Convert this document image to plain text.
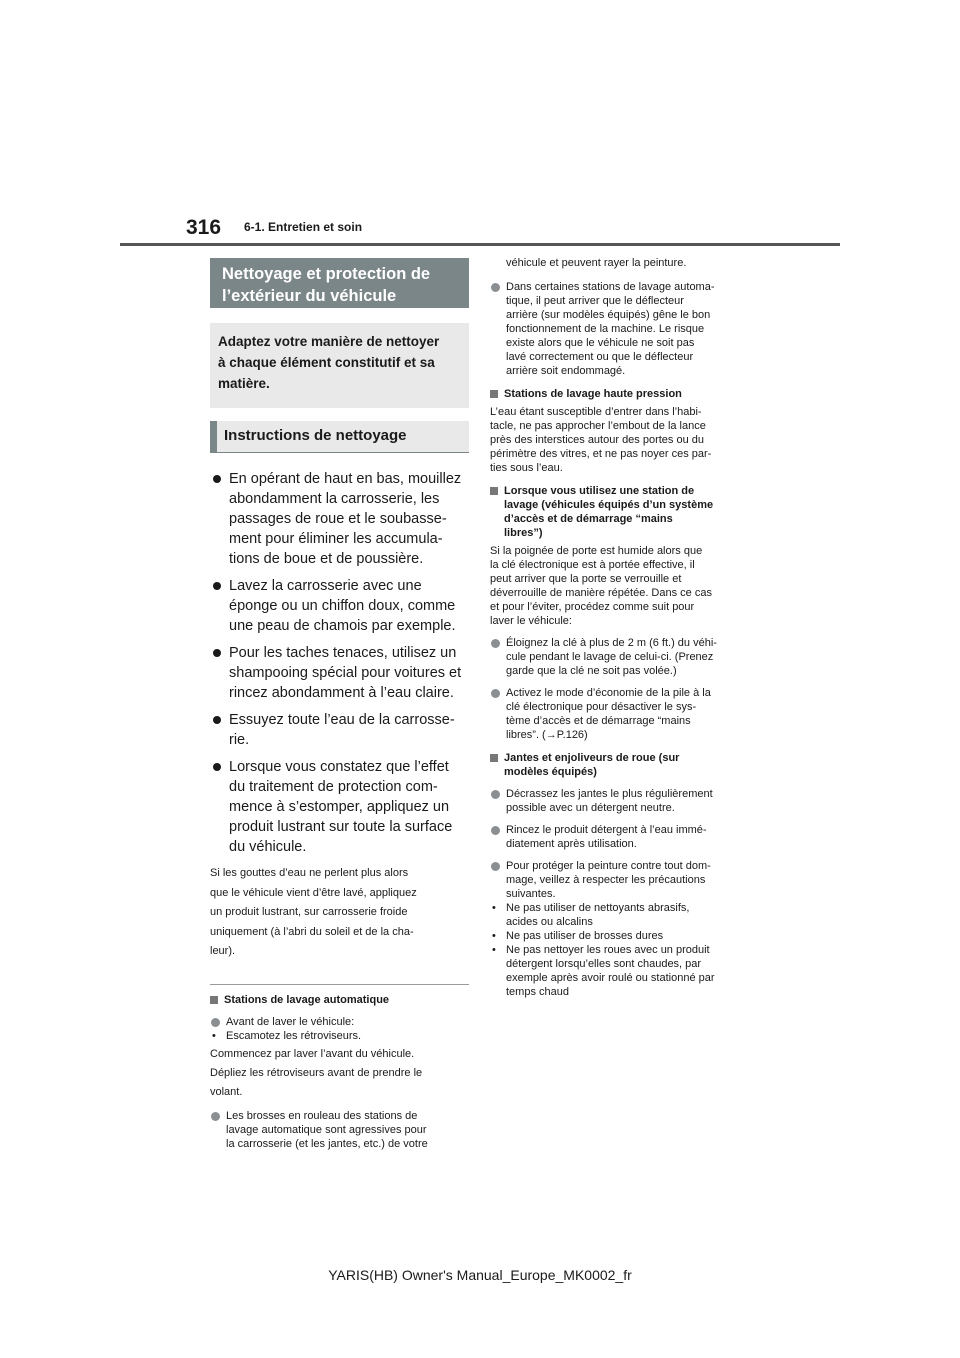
316 6-1. Entretien et soin
Nettoyage et protection de
l’extérieur du véhicule
Adaptez votre manière de nettoyer
à chaque élément constitutif et sa
matière.
Instructions de nettoyage
En opérant de haut en bas, mouillez
abondamment la carrosserie, les
passages de roue et le soubasse-
ment pour éliminer les accumula-
tions de boue et de poussière.
Lavez la carrosserie avec une
éponge ou un chiffon doux, comme
une peau de chamois par exemple.
Pour les taches tenaces, utilisez un
shampooing spécial pour voitures et
rincez abondamment à l’eau claire.
Essuyez toute l’eau de la carrosse-
rie.
Lorsque vous constatez que l’effet
du traitement de protection com-
mence à s’estomper, appliquez un
produit lustrant sur toute la surface
du véhicule.
Si les gouttes d’eau ne perlent plus alors
que le véhicule vient d’être lavé, appliquez
un produit lustrant, sur carrosserie froide
uniquement (à l’abri du soleil et de la cha-
leur).
Stations de lavage automatique
Avant de laver le véhicule:
• Escamotez les rétroviseurs.
Commencez par laver l’avant du véhicule.
Dépliez les rétroviseurs avant de prendre le
volant.
Les brosses en rouleau des stations de
lavage automatique sont agressives pour
la carrosserie (et les jantes, etc.) de votre
véhicule et peuvent rayer la peinture.
Dans certaines stations de lavage automa-
tique, il peut arriver que le déflecteur
arrière (sur modèles équipés) gêne le bon
fonctionnement de la machine. Le risque
existe alors que le véhicule ne soit pas
lavé correctement ou que le déflecteur
arrière soit endommagé.
Stations de lavage haute pression
L’eau étant susceptible d’entrer dans l’habi-
tacle, ne pas approcher l’embout de la lance
près des interstices autour des portes ou du
périmètre des vitres, et ne pas noyer ces par-
ties sous l’eau.
Lorsque vous utilisez une station de
lavage (véhicules équipés d’un système
d’accès et de démarrage “mains
libres”)
Si la poignée de porte est humide alors que
la clé électronique est à portée effective, il
peut arriver que la porte se verrouille et
déverrouille de manière répétée. Dans ce cas
et pour l’éviter, procédez comme suit pour
laver le véhicule:
Éloignez la clé à plus de 2 m (6 ft.) du véhi-
cule pendant le lavage de celui-ci. (Prenez
garde que la clé ne soit pas volée.)
Activez le mode d’économie de la pile à la
clé électronique pour désactiver le sys-
tème d’accès et de démarrage “mains
libres”. (→P.126)
Jantes et enjoliveurs de roue (sur
modèles équipés)
Décrassez les jantes le plus régulièrement
possible avec un détergent neutre.
Rincez le produit détergent à l’eau immé-
diatement après utilisation.
Pour protéger la peinture contre tout dom-
mage, veillez à respecter les précautions
suivantes.
• Ne pas utiliser de nettoyants abrasifs,
acides ou alcalins
• Ne pas utiliser de brosses dures
• Ne pas nettoyer les roues avec un produit
détergent lorsqu’elles sont chaudes, par
exemple après avoir roulé ou stationné par
temps chaud
YARIS(HB) Owner's Manual_Europe_MK0002_fr
